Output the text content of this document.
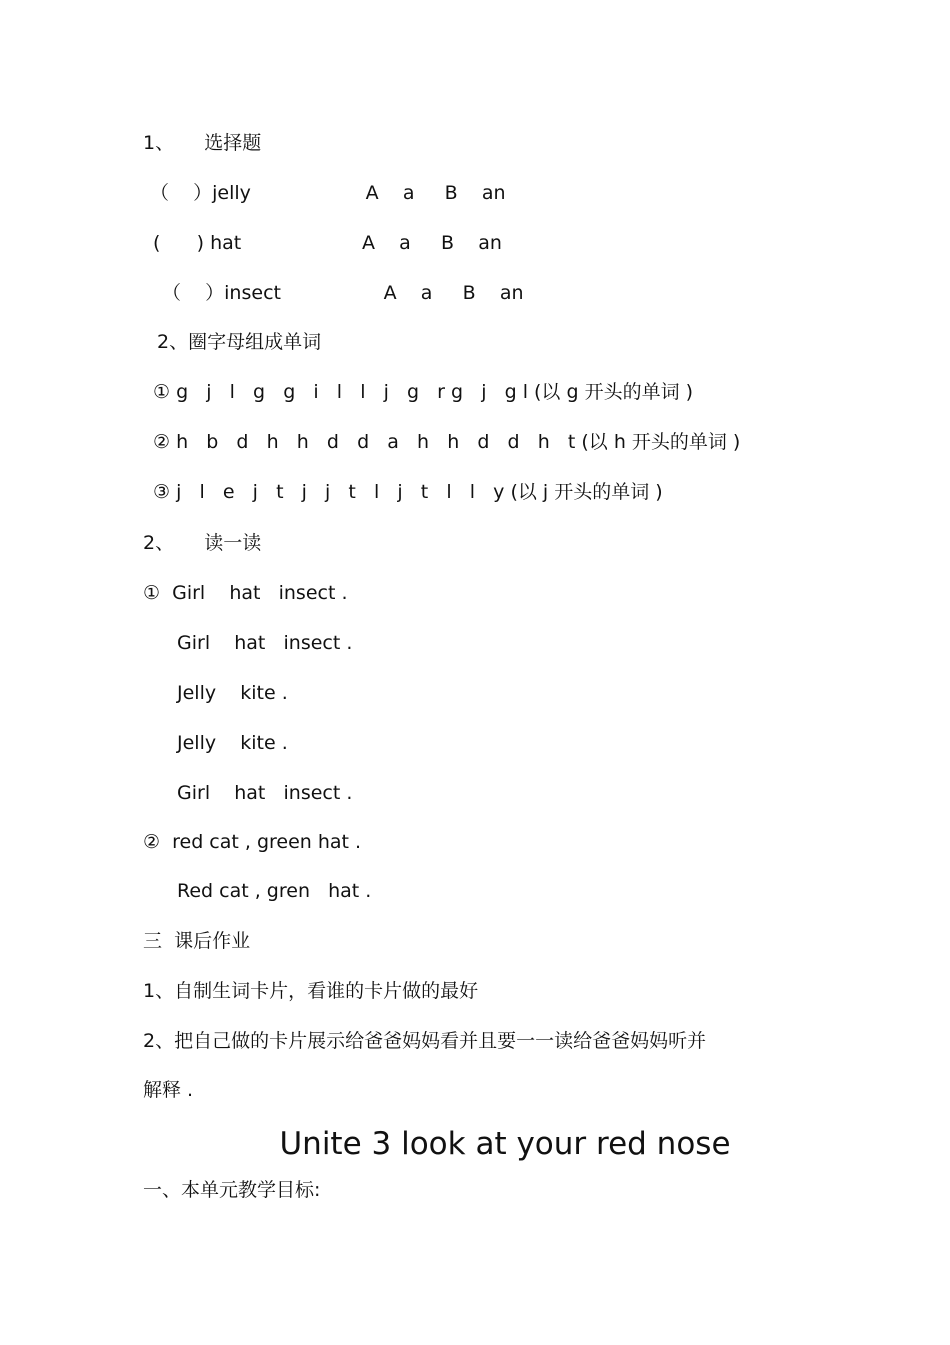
1、     选择题
（    ）jelly                   A    a     B    an
(      ) hat                    A    a     B    an
（    ）insect                 A    a     B    an
2、圈字母组成单词
① g   j   l   g   g   i   l   l   j   g   r g   j   g l (以 g 开头的单词 )
② h   b   d   h   h   d   d   a   h   h   d   d   h   t (以 h 开头的单词 )
③ j   l   e   j   t   j   j   t   l   j   t   l   l   y (以 j 开头的单词 )
2、     读一读
①  Girl    hat   insect .
Girl    hat   insect .
Jelly    kite .
Jelly    kite .
Girl    hat   insect .
②  red cat , green hat .
Red cat , gren   hat .
三  课后作业
1、自制生词卡片，看谁的卡片做的最好
2、把自己做的卡片展示给爸爸妈妈看并且要一一读给爸爸妈妈听并
解释 .
Unite 3 look at your red nose
一、本单元教学目标:
